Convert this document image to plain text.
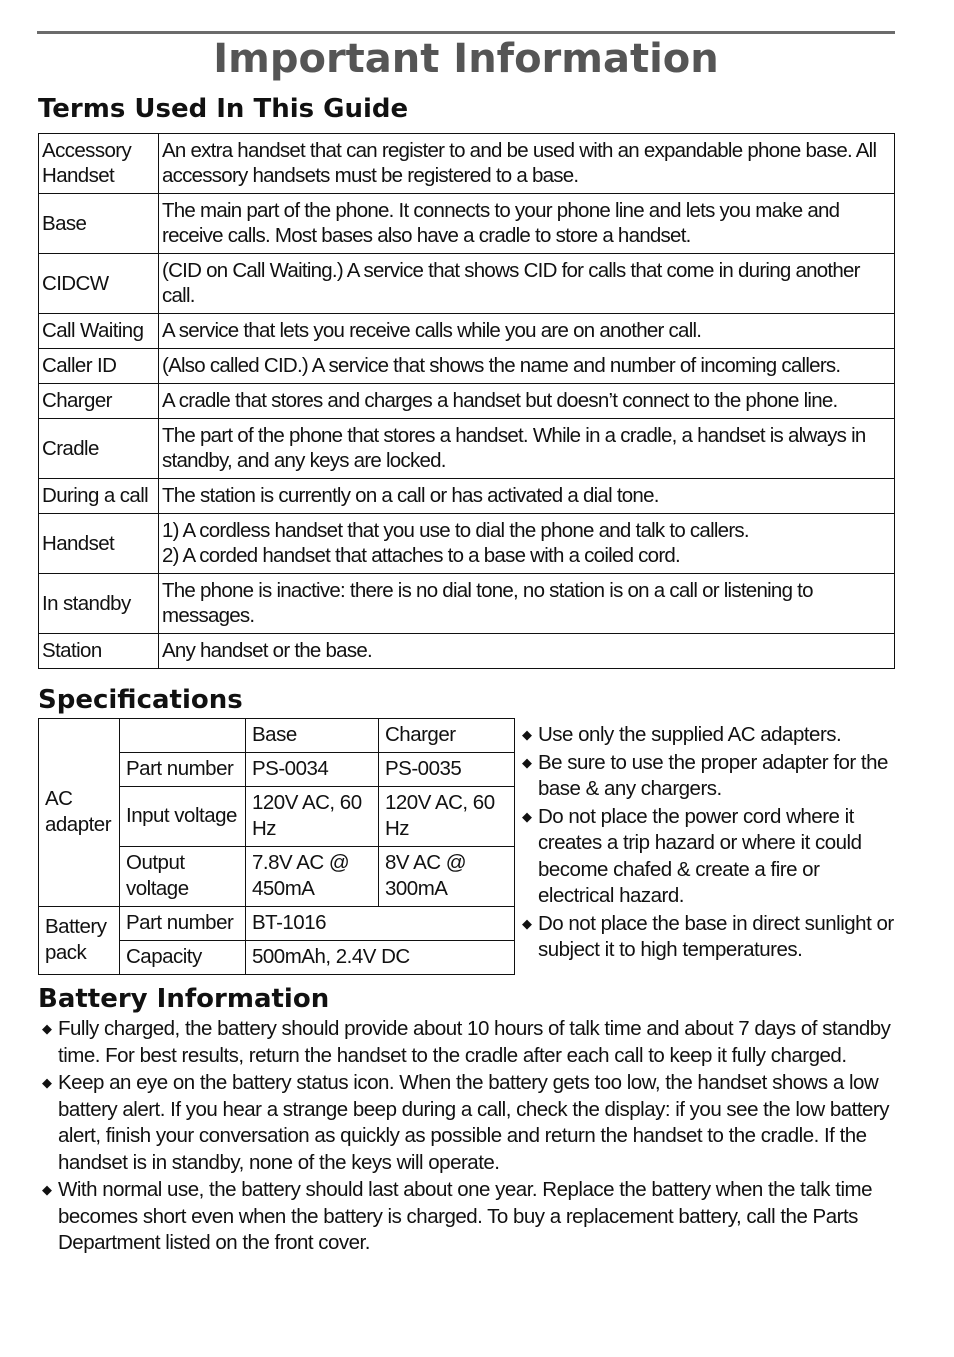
Important Information
Terms Used In This Guide
Accessory Handset	An extra handset that can register to and be used with an expandable phone base. All accessory handsets must be registered to a base.
Base	The main part of the phone. It connects to your phone line and lets you make and receive calls. Most bases also have a cradle to store a handset.
CIDCW	(CID on Call Waiting.) A service that shows CID for calls that come in during another call.
Call Waiting	A service that lets you receive calls while you are on another call.
Caller ID	(Also called CID.) A service that shows the name and number of incoming callers.
Charger	A cradle that stores and charges a handset but doesn’t connect to the phone line.
Cradle	The part of the phone that stores a handset. While in a cradle, a handset is always in standby, and any keys are locked.
During a call	The station is currently on a call or has activated a dial tone.
Handset	1) A cordless handset that you use to dial the phone and talk to callers.
2) A corded handset that attaches to a base with a coiled cord.

In standby	The phone is inactive: there is no dial tone, no station is on a call or listening to messages.
Station	Any handset or the base.
Specifications
AC adapter		Base	Charger
	Part number	PS-0034	PS-0035
	Input voltage	120V AC, 60 Hz	120V AC, 60 Hz
	Output voltage	7.8V AC @ 450mA	8V AC @ 300mA
Battery pack	Part number	BT-1016	
	Capacity	500mAh, 2.4V DC	
◆ Use only the supplied AC adapters.
◆ Be sure to use the proper adapter for the base & any chargers.
◆ Do not place the power cord where it creates a trip hazard or where it could become chafed & create a fire or electrical hazard.
◆ Do not place the base in direct sunlight or subject it to high temperatures.
Battery Information
◆ Fully charged, the battery should provide about 10 hours of talk time and about 7 days of standby time. For best results, return the handset to the cradle after each call to keep it fully charged.
◆ Keep an eye on the battery status icon. When the battery gets too low, the handset shows a low battery alert. If you hear a strange beep during a call, check the display: if you see the low battery alert, finish your conversation as quickly as possible and return the handset to the cradle. If the handset is in standby, none of the keys will operate.
◆ With normal use, the battery should last about one year. Replace the battery when the talk time becomes short even when the battery is charged. To buy a replacement battery, call the Parts Department listed on the front cover.
